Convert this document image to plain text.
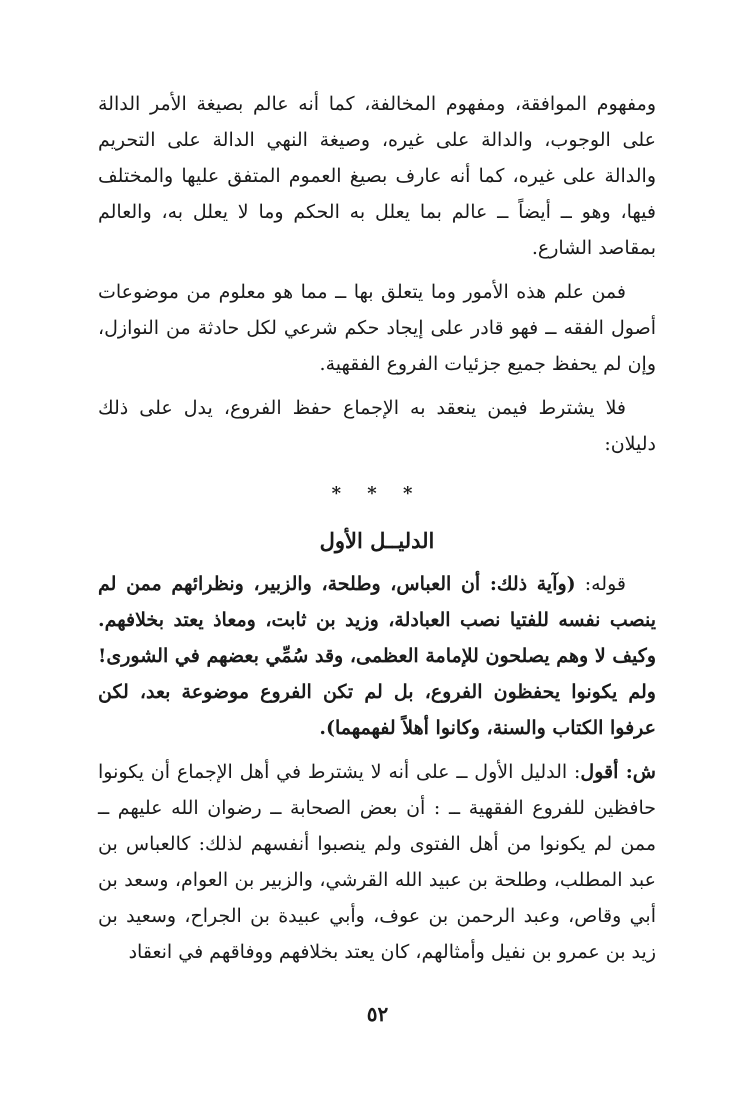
ومفهوم الموافقة، ومفهوم المخالفة، كما أنه عالم بصيغة الأمر الدالة على الوجوب، والدالة على غيره، وصيغة النهي الدالة على التحريم والدالة على غيره، كما أنه عارف بصيغ العموم المتفق عليها والمختلف فيها، وهو ــ أيضاً ــ عالم بما يعلل به الحكم وما لا يعلل به، والعالم بمقاصد الشارع.

فمن علم هذه الأمور وما يتعلق بها ــ مما هو معلوم من موضوعات أصول الفقه ــ فهو قادر على إيجاد حكم شرعي لكل حادثة من النوازل، وإن لم يحفظ جميع جزئيات الفروع الفقهية.

فلا يشترط فيمن ينعقد به الإجماع حفظ الفروع، يدل على ذلك دليلان:

* * *
الدليــل الأول

قوله: (وآية ذلك: أن العباس، وطلحة، والزبير، ونظرائهم ممن لم ينصب نفسه للفتيا نصب العبادلة، وزيد بن ثابت، ومعاذ يعتد بخلافهم. وكيف لا وهم يصلحون للإمامة العظمى، وقد سُمِّي بعضهم في الشورى! ولم يكونوا يحفظون الفروع، بل لم تكن الفروع موضوعة بعد، لكن عرفوا الكتاب والسنة، وكانوا أهلاً لفهمهما).

ش: أقول: الدليل الأول ــ على أنه لا يشترط في أهل الإجماع أن يكونوا حافظين للفروع الفقهية ــ : أن بعض الصحابة ــ رضوان الله عليهم ــ ممن لم يكونوا من أهل الفتوى ولم ينصبوا أنفسهم لذلك: كالعباس بن عبد المطلب، وطلحة بن عبيد الله القرشي، والزبير بن العوام، وسعد بن أبي وقاص، وعبد الرحمن بن عوف، وأبي عبيدة بن الجراح، وسعيد بن زيد بن عمرو بن نفيل وأمثالهم، كان يعتد بخلافهم ووفاقهم في انعقاد

٥٢
